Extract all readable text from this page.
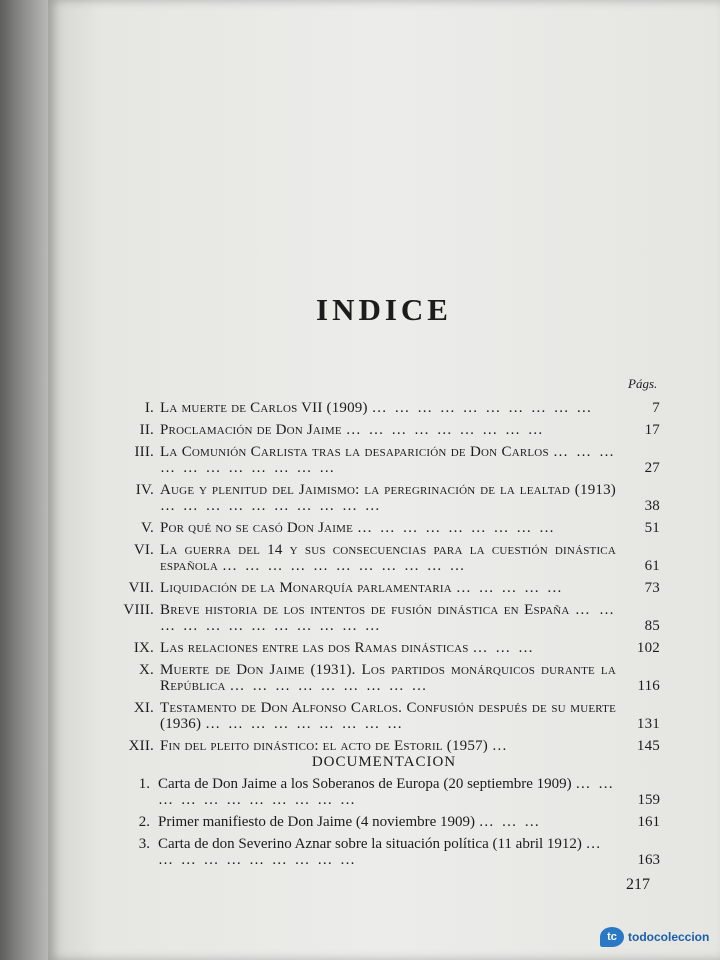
INDICE
Págs.
I. La muerte de Carlos VII (1909) … … … … … … … … … …	7
II. Proclamación de Don Jaime … … … … … … … … …	17
III. La Comunión Carlista tras la desaparición de Don Carlos … … … … … … … … … … …	27
IV. Auge y plenitud del Jaimismo: la peregrinación de la lealtad (1913) … … … … … … … … … …	38
V. Por qué no se casó Don Jaime … … … … … … … … …	51
VI. La guerra del 14 y sus consecuencias para la cuestión dinástica española … … … … … … … … … … …	61
VII. Liquidación de la Monarquía parlamentaria … … … … …	73
VIII. Breve historia de los intentos de fusión dinástica en España … … … … … … … … … … … …	85
IX. Las relaciones entre las dos Ramas dinásticas … … …	102
X. Muerte de Don Jaime (1931). Los partidos monárquicos durante la República … … … … … … … … …	116
XI. Testamento de Don Alfonso Carlos. Confusión después de su muerte (1936) … … … … … … … … …	131
XII. Fin del pleito dinástico: el acto de Estoril (1957) …	145
DOCUMENTACION
1. Carta de Don Jaime a los Soberanos de Europa (20 septiembre 1909) … … … … … … … … … … …	159
2. Primer manifiesto de Don Jaime (4 noviembre 1909) … … …	161
3. Carta de don Severino Aznar sobre la situación política (11 abril 1912) … … … … … … … … … …	163
217
tc todocoleccion
